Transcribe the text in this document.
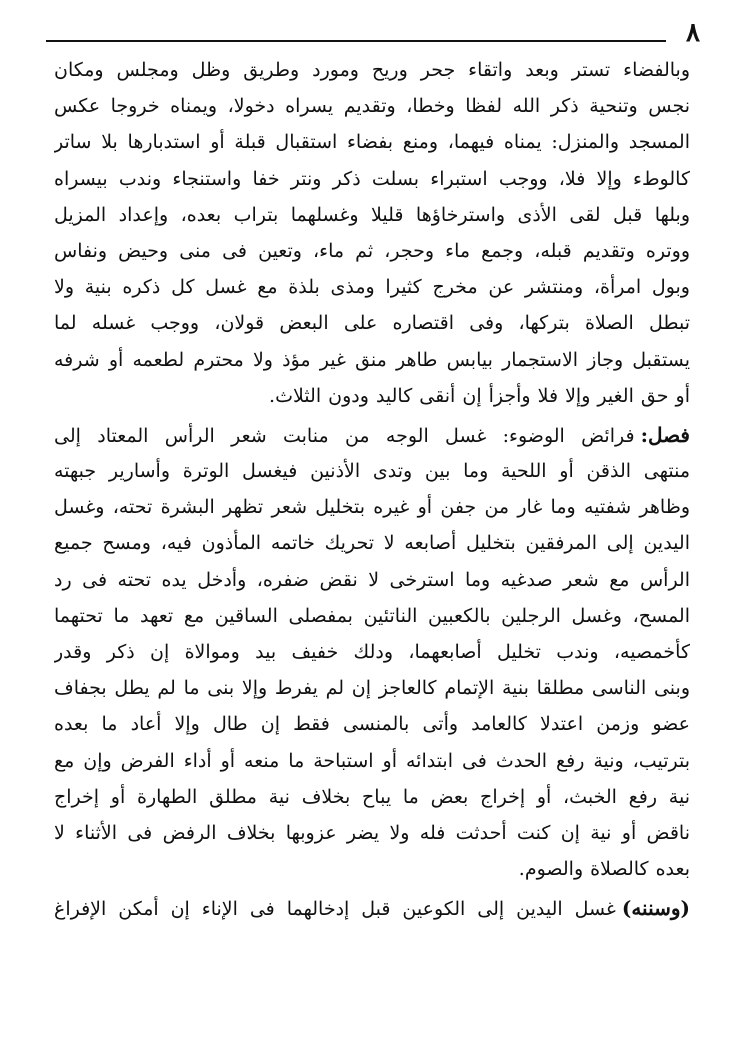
٨
وبالفضاء تستر وبعد واتقاء جحر وريح ومورد وطريق وظل ومجلس ومكان
نجس وتنحية ذكر الله لفظا وخطا، وتقديم يسراه دخولا، ويمناه خروجا عكس
المسجد والمنزل: يمناه فيهما، ومنع بفضاء استقبال قبلة أو استدبارها بلا ساتر
كالوطء وإلا فلا، ووجب استبراء بسلت ذكر ونتر خفا واستنجاء وندب بيسراه
وبلها قبل لقى الأذى واسترخاؤها قليلا وغسلهما بتراب بعده، وإعداد المزيل
ووتره وتقديم قبله، وجمع ماء وحجر، ثم ماء، وتعين فى منى وحيض ونفاس
وبول امرأة، ومنتشر عن مخرج كثيرا ومذى بلذة مع غسل كل ذكره بنية ولا
تبطل الصلاة بتركها، وفى اقتصاره على البعض قولان، ووجب غسله لما
يستقبل وجاز الاستجمار بيابس طاهر منق غير مؤذ ولا محترم لطعمه أو شرفه
أو حق الغير وإلا فلا وأجزأ إن أنقى كاليد ودون الثلاث.
فصل:فرائض الوضوء: غسل الوجه من منابت شعر الرأس المعتاد إلى
منتهى الذقن أو اللحية وما بين وتدى الأذنين فيغسل الوترة وأسارير جبهته
وظاهر شفتيه وما غار من جفن أو غيره بتخليل شعر تظهر البشرة تحته، وغسل
اليدين إلى المرفقين بتخليل أصابعه لا تحريك خاتمه المأذون فيه، ومسح جميع
الرأس مع شعر صدغيه وما استرخى لا نقض ضفره، وأدخل يده تحته فى رد
المسح، وغسل الرجلين بالكعبين الناتئين بمفصلى الساقين مع تعهد ما تحتهما
كأخمصيه، وندب تخليل أصابعهما، ودلك خفيف بيد وموالاة إن ذكر وقدر
وبنى الناسى مطلقا بنية الإتمام كالعاجز إن لم يفرط وإلا بنى ما لم يطل بجفاف
عضو وزمن اعتدلا كالعامد وأتى بالمنسى فقط إن طال وإلا أعاد ما بعده
بترتيب، ونية رفع الحدث فى ابتدائه أو استباحة ما منعه أو أداء الفرض وإن مع
نية رفع الخبث، أو إخراج بعض ما يباح بخلاف نية مطلق الطهارة أو إخراج
ناقض أو نية إن كنت أحدثت فله ولا يضر عزوبها بخلاف الرفض فى الأثناء لا
بعده كالصلاة والصوم.
(وسننه)غسل اليدين إلى الكوعين قبل إدخالهما فى الإناء إن أمكن الإفراغ
